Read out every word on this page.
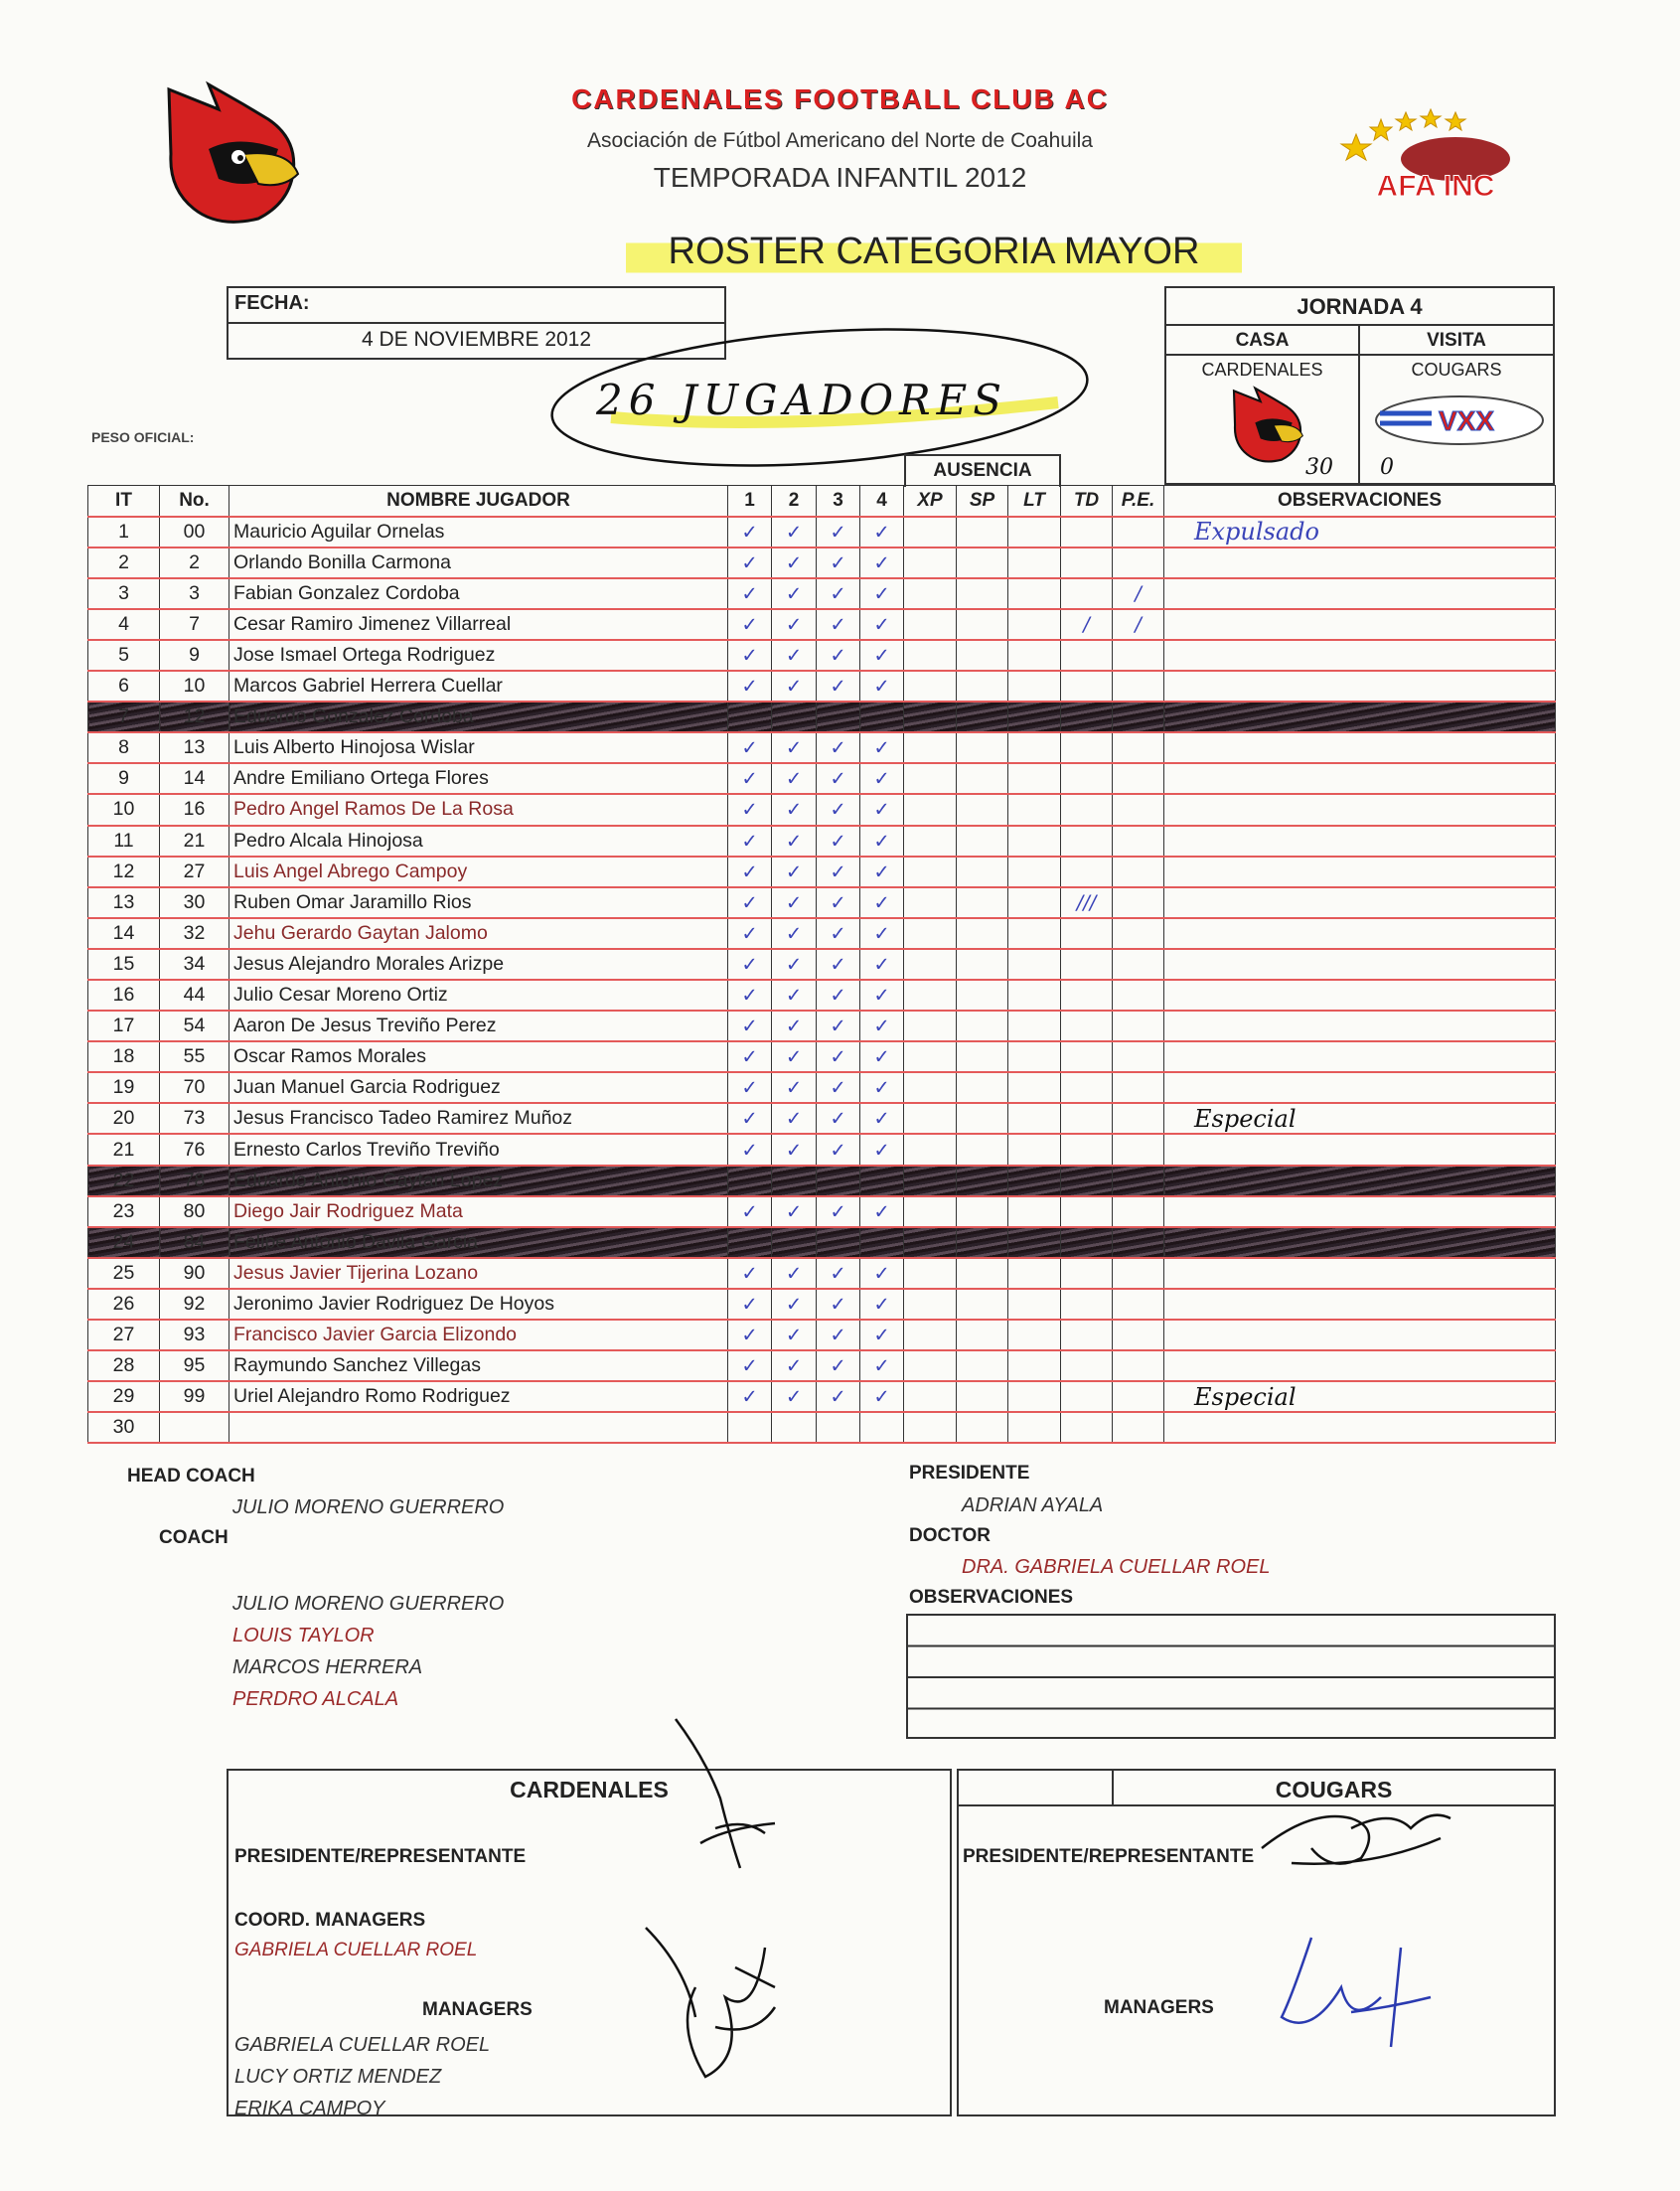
CARDENALES FOOTBALL CLUB AC
Asociación de Fútbol Americano del Norte de Coahuila
TEMPORADA INFANTIL 2012	AFA INC
ROSTER CATEGORIA MAYOR
FECHA:
4 DE NOVIEMBRE 2012
PESO OFICIAL:
26 JUGADORES
JORNADA 4
CASA	VISITA
CARDENALES
30
COUGARS
VXX
0
AUSENCIA
IT	No.	NOMBRE JUGADOR	1	2	3	4	XP	SP	LT	TD	P.E.	OBSERVACIONES
1	00	Mauricio Aguilar Ornelas	✓	✓	✓	✓						Expulsado
2	2	Orlando Bonilla Carmona	✓	✓	✓	✓						
3	3	Fabian Gonzalez Cordoba	✓	✓	✓	✓					/	
4	7	Cesar Ramiro Jimenez Villarreal	✓	✓	✓	✓				/	/	
5	9	Jose Ismael Ortega Rodriguez	✓	✓	✓	✓						
6	10	Marcos Gabriel Herrera Cuellar	✓	✓	✓	✓						
7	12	Eduardo Gonzalez Cordoba										
8	13	Luis Alberto Hinojosa Wislar	✓	✓	✓	✓						
9	14	Andre Emiliano Ortega Flores	✓	✓	✓	✓						
10	16	Pedro Angel Ramos De La Rosa	✓	✓	✓	✓						
11	21	Pedro Alcala Hinojosa	✓	✓	✓	✓						
12	27	Luis Angel Abrego Campoy	✓	✓	✓	✓						
13	30	Ruben Omar Jaramillo Rios	✓	✓	✓	✓				///		
14	32	Jehu Gerardo Gaytan Jalomo	✓	✓	✓	✓						
15	34	Jesus Alejandro Morales Arizpe	✓	✓	✓	✓						
16	44	Julio Cesar Moreno Ortiz	✓	✓	✓	✓						
17	54	Aaron De Jesus Treviño Perez	✓	✓	✓	✓						
18	55	Oscar Ramos Morales	✓	✓	✓	✓						
19	70	Juan Manuel Garcia Rodriguez	✓	✓	✓	✓						
20	73	Jesus Francisco Tadeo Ramirez Muñoz	✓	✓	✓	✓						Especial
21	76	Ernesto Carlos Treviño Treviño	✓	✓	✓	✓						
22	78	Eduardo Antonio Gaytan Lopez										
23	80	Diego Jair Rodriguez Mata	✓	✓	✓	✓						
24	84	Felipe Antonio Davila Garcia										
25	90	Jesus Javier Tijerina Lozano	✓	✓	✓	✓						
26	92	Jeronimo Javier Rodriguez De Hoyos	✓	✓	✓	✓						
27	93	Francisco Javier Garcia Elizondo	✓	✓	✓	✓						
28	95	Raymundo Sanchez Villegas	✓	✓	✓	✓						
29	99	Uriel Alejandro Romo Rodriguez	✓	✓	✓	✓						Especial
30												
HEAD COACH
JULIO MORENO GUERRERO
COACH
JULIO MORENO GUERRERO
LOUIS TAYLOR
MARCOS HERRERA
PERDRO ALCALA
PRESIDENTE
ADRIAN AYALA
DOCTOR
DRA. GABRIELA CUELLAR ROEL
OBSERVACIONES
CARDENALES
PRESIDENTE/REPRESENTANTE
COORD. MANAGERS
GABRIELA CUELLAR ROEL
MANAGERS
GABRIELA CUELLAR ROEL
LUCY ORTIZ MENDEZ
ERIKA CAMPOY
COUGARS
PRESIDENTE/REPRESENTANTE
MANAGERS
